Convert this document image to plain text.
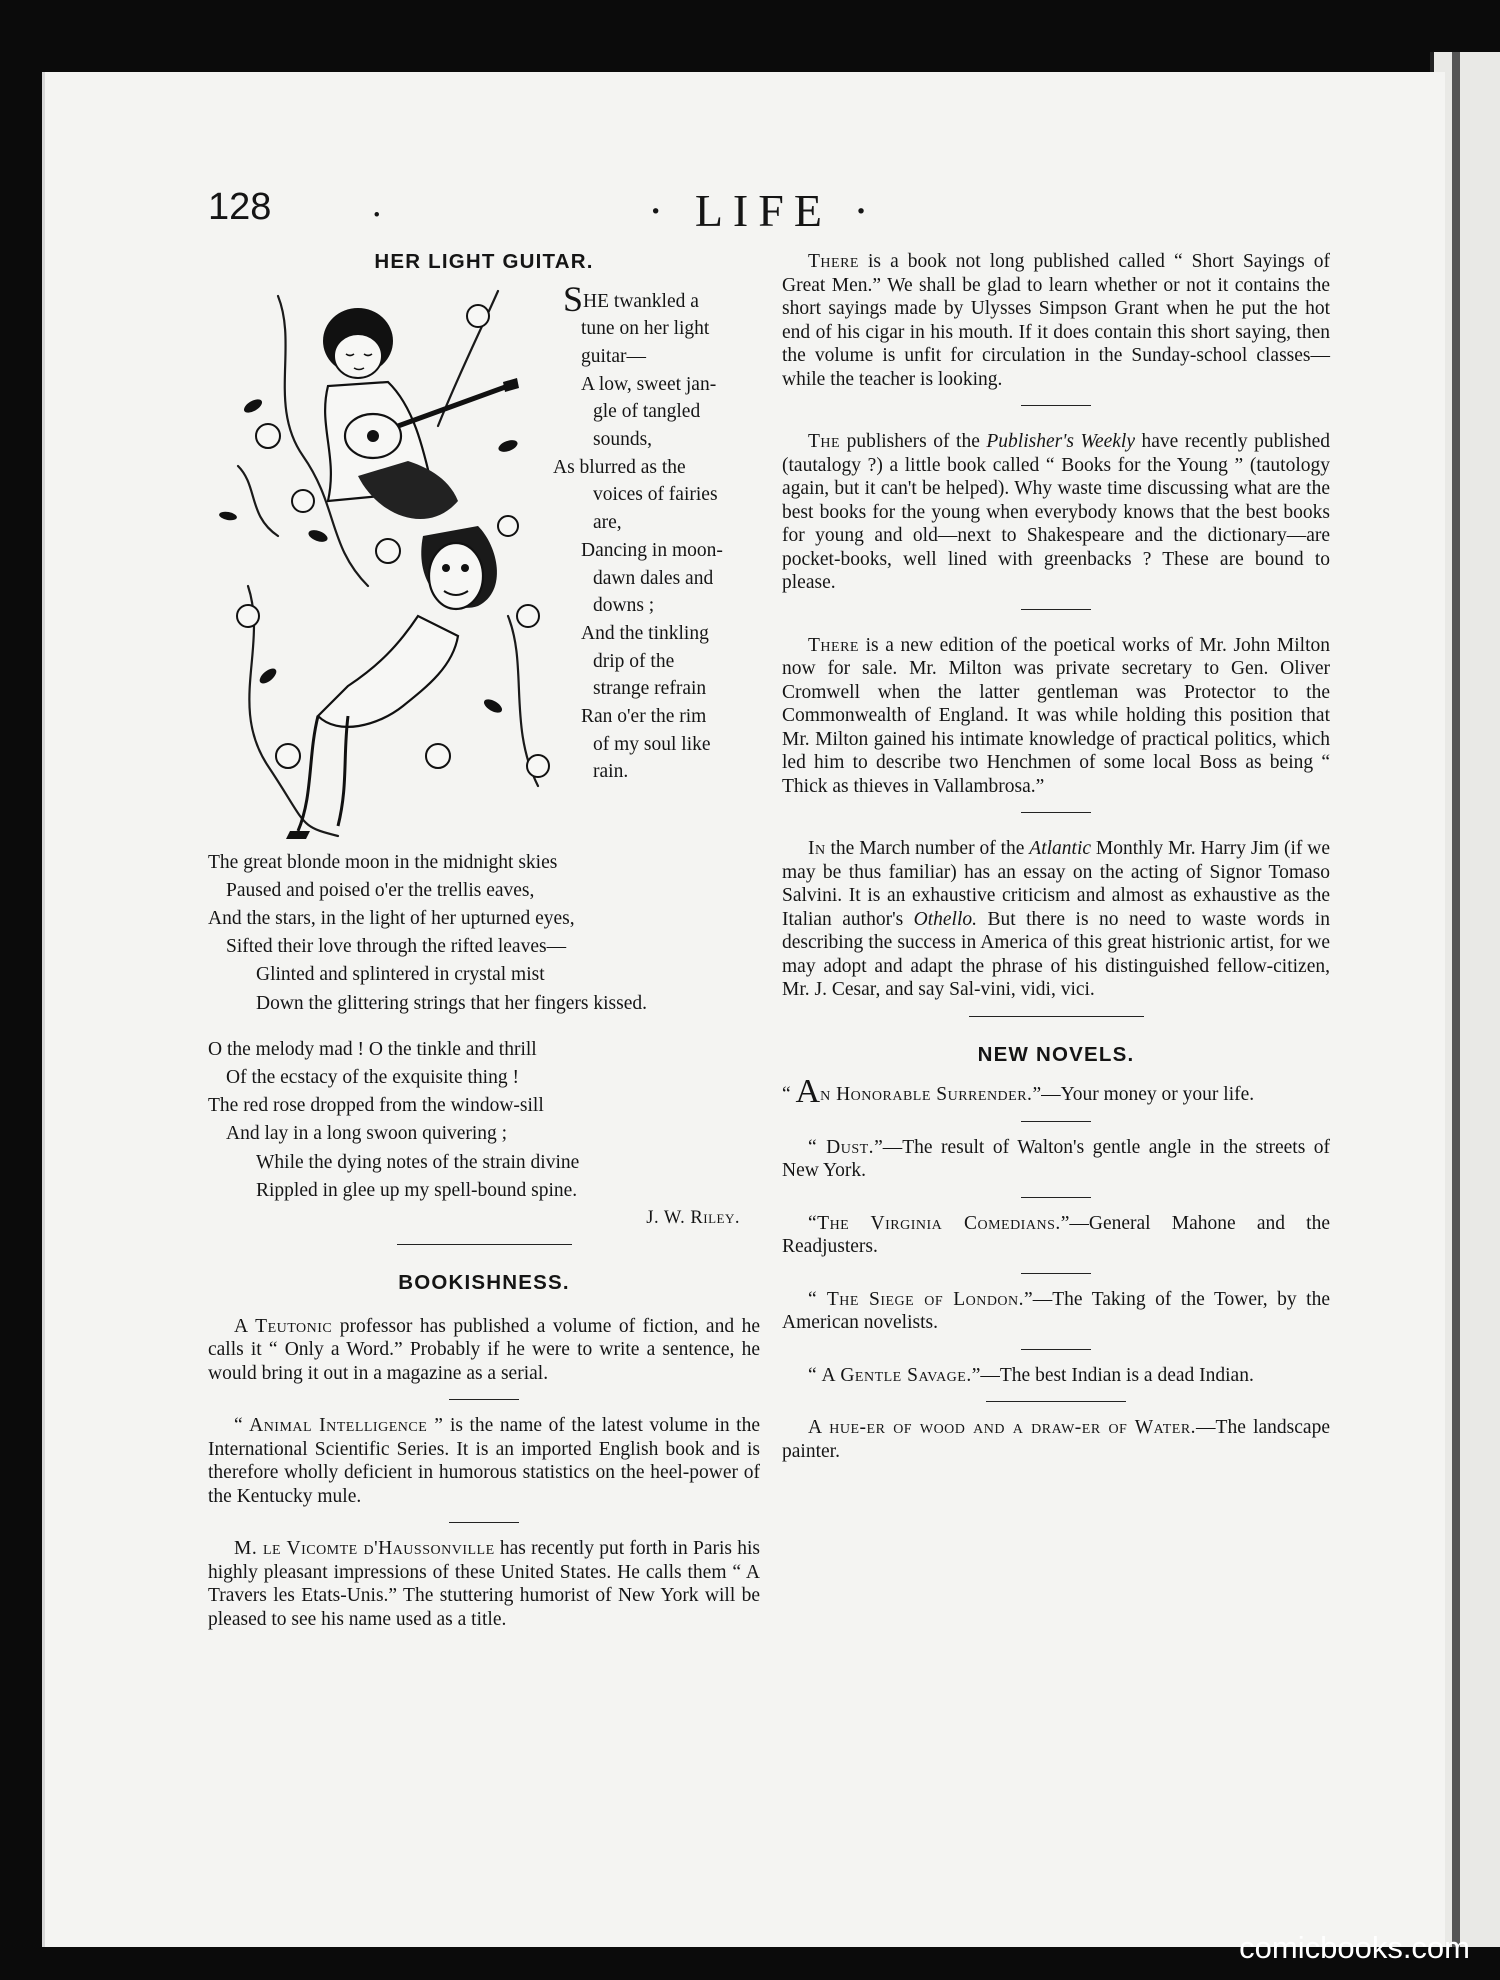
128	.	· LIFE ·
HER LIGHT GUITAR.
SHE twankled a
tune on her light
guitar—
A low, sweet jan-
gle of tangled
sounds,
As blurred as the
voices of fairies
are,
Dancing in moon-
dawn dales and
downs ;
And the tinkling
drip of the
strange refrain
Ran o'er the rim
of my soul like
rain.
The great blonde moon in the midnight skies
Paused and poised o'er the trellis eaves,
And the stars, in the light of her upturned eyes,
Sifted their love through the rifted leaves—
Glinted and splintered in crystal mist
Down the glittering strings that her fingers kissed.
O the melody mad ! O the tinkle and thrill
Of the ecstacy of the exquisite thing !
The red rose dropped from the window-sill
And lay in a long swoon quivering ;
While the dying notes of the strain divine
Rippled in glee up my spell-bound spine.
J. W. Riley.
BOOKISHNESS.

A Teutonic professor has published a volume of fiction, and he calls it “ Only a Word.” Probably if he were to write a sentence, he would bring it out in a magazine as a serial.

“ Animal Intelligence ” is the name of the latest volume in the International Scientific Series. It is an imported English book and is therefore wholly deficient in humorous statistics on the heel-power of the Kentucky mule.

M. le Vicomte d'Haussonville has recently put forth in Paris his highly pleasant impressions of these United States. He calls them “ A Travers les Etats-Unis.” The stuttering humorist of New York will be pleased to see his name used as a title.

There is a book not long published called “ Short Sayings of Great Men.” We shall be glad to learn whether or not it contains the short sayings made by Ulysses Simpson Grant when he put the hot end of his cigar in his mouth. If it does contain this short saying, then the volume is unfit for circulation in the Sunday-school classes—while the teacher is looking.

The publishers of the Publisher's Weekly have recently published (tautalogy ?) a little book called “ Books for the Young ” (tautology again, but it can't be helped). Why waste time discussing what are the best books for the young when everybody knows that the best books for young and old—next to Shakespeare and the dictionary—are pocket-books, well lined with greenbacks ? These are bound to please.

There is a new edition of the poetical works of Mr. John Milton now for sale. Mr. Milton was private secretary to Gen. Oliver Cromwell when the latter gentleman was Protector to the Commonwealth of England. It was while holding this position that Mr. Milton gained his intimate knowledge of practical politics, which led him to describe two Henchmen of some local Boss as being “ Thick as thieves in Vallambrosa.”

In the March number of the Atlantic Monthly Mr. Harry Jim (if we may be thus familiar) has an essay on the acting of Signor Tomaso Salvini. It is an exhaustive criticism and almost as exhaustive as the Italian author's Othello. But there is no need to waste words in describing the success in America of this great histrionic artist, for we may adopt and adapt the phrase of his distinguished fellow-citizen, Mr. J. Cesar, and say Sal-vini, vidi, vici.

NEW NOVELS.

“ An Honorable Surrender.”—Your money or your life.

“ Dust.”—The result of Walton's gentle angle in the streets of New York.

“The Virginia Comedians.”—General Mahone and the Readjusters.

“ The Siege of London.”—The Taking of the Tower, by the American novelists.

“ A Gentle Savage.”—The best Indian is a dead Indian.

A hue-er of wood and a draw-er of Water.—The landscape painter.

comicbooks.com
